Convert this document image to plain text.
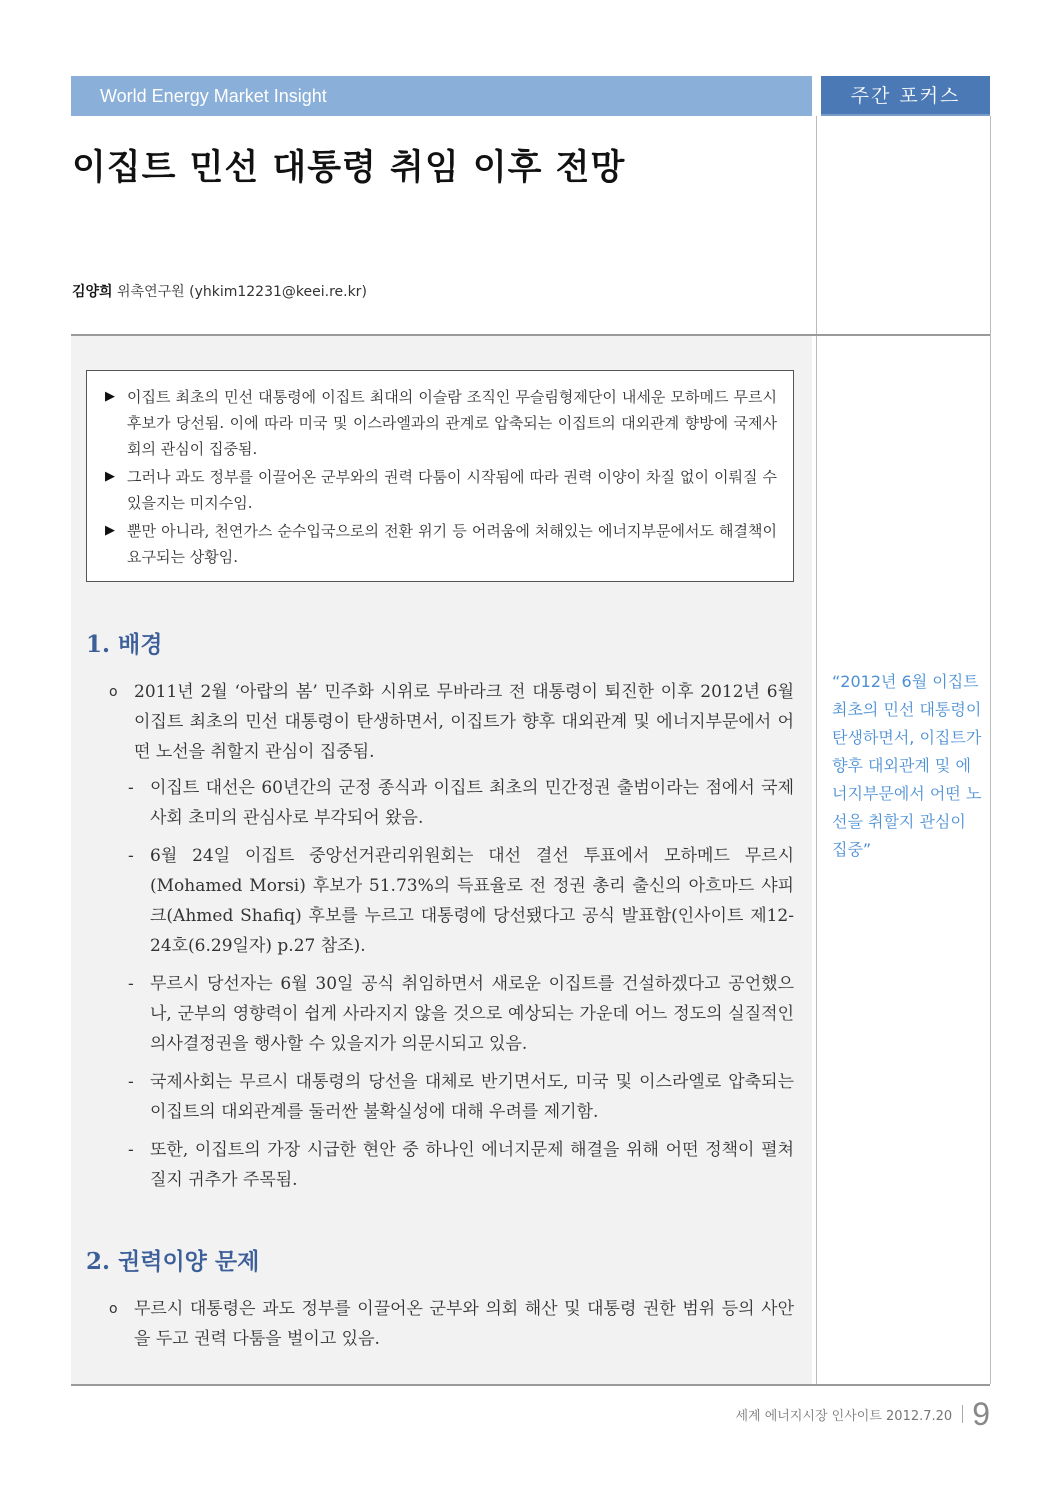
World Energy Market Insight	주간 포커스
이집트 민선 대통령 취임 이후 전망
김양희 위촉연구원 (yhkim12231@keei.re.kr)
▶ 이집트 최초의 민선 대통령에 이집트 최대의 이슬람 조직인 무슬림형제단이 내세운 모하메드 무르시 후보가 당선됨. 이에 따라 미국 및 이스라엘과의 관계로 압축되는 이집트의 대외관계 향방에 국제사회의 관심이 집중됨.
▶ 그러나 과도 정부를 이끌어온 군부와의 권력 다툼이 시작됨에 따라 권력 이양이 차질 없이 이뤄질 수 있을지는 미지수임.
▶ 뿐만 아니라, 천연가스 순수입국으로의 전환 위기 등 어려움에 처해있는 에너지부문에서도 해결책이 요구되는 상황임.
1. 배경
o 2011년 2월 ‘아랍의 봄’ 민주화 시위로 무바라크 전 대통령이 퇴진한 이후 2012년 6월 이집트 최초의 민선 대통령이 탄생하면서, 이집트가 향후 대외관계 및 에너지부문에서 어떤 노선을 취할지 관심이 집중됨.
- 이집트 대선은 60년간의 군정 종식과 이집트 최초의 민간정권 출범이라는 점에서 국제사회 초미의 관심사로 부각되어 왔음.
- 6월 24일 이집트 중앙선거관리위원회는 대선 결선 투표에서 모하메드 무르시(Mohamed Morsi) 후보가 51.73%의 득표율로 전 정권 총리 출신의 아흐마드 샤피크(Ahmed Shafiq) 후보를 누르고 대통령에 당선됐다고 공식 발표함(인사이트 제12-24호(6.29일자) p.27 참조).
- 무르시 당선자는 6월 30일 공식 취임하면서 새로운 이집트를 건설하겠다고 공언했으나, 군부의 영향력이 쉽게 사라지지 않을 것으로 예상되는 가운데 어느 정도의 실질적인 의사결정권을 행사할 수 있을지가 의문시되고 있음.
- 국제사회는 무르시 대통령의 당선을 대체로 반기면서도, 미국 및 이스라엘로 압축되는 이집트의 대외관계를 둘러싼 불확실성에 대해 우려를 제기함.
- 또한, 이집트의 가장 시급한 현안 중 하나인 에너지문제 해결을 위해 어떤 정책이 펼쳐질지 귀추가 주목됨.
2. 권력이양 문제
o 무르시 대통령은 과도 정부를 이끌어온 군부와 의회 해산 및 대통령 권한 범위 등의 사안을 두고 권력 다툼을 벌이고 있음.

“2012년 6월 이집트 최초의 민선 대통령이 탄생하면서, 이집트가 향후 대외관계 및 에너지부문에서 어떤 노선을 취할지 관심이 집중”

세계 에너지시장 인사이트 2012.7.20 9
